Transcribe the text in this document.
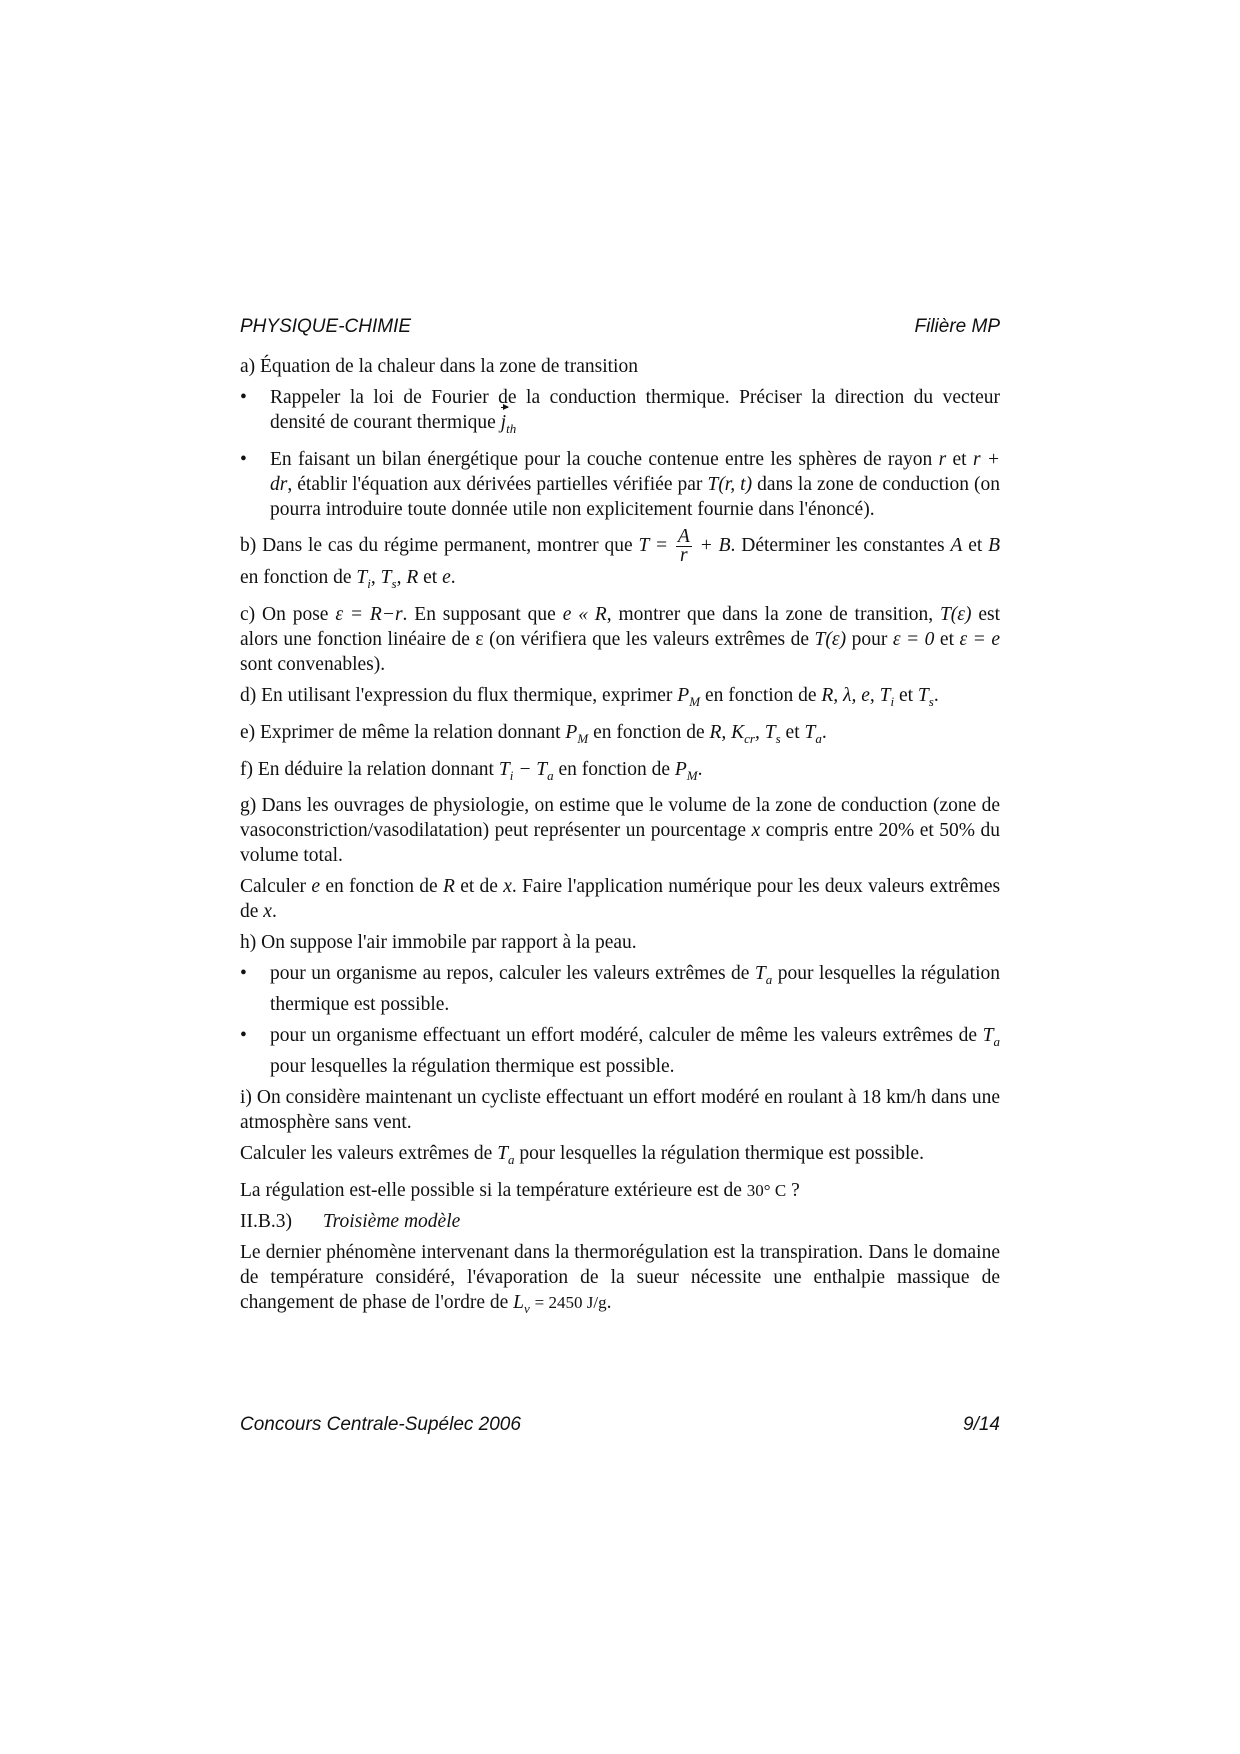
PHYSIQUE-CHIMIE	Filière MP

a) Équation de la chaleur dans la zone de transition

• Rappeler la loi de Fourier de la conduction thermique. Préciser la direction du vecteur densité de courant thermique $j_{th}$
• En faisant un bilan énergétique pour la couche contenue entre les sphères de rayon r et r + dr, établir l'équation aux dérivées partielles vérifiée par T(r, t) dans la zone de conduction (on pourra introduire toute donnée utile non explicitement fournie dans l'énoncé).

b) Dans le cas du régime permanent, montrer que $T = \frac{A}{r} + B$. Déterminer les constantes A et B en fonction de $T_i$, $T_s$, R et e.

c) On pose ε = R−r. En supposant que e « R, montrer que dans la zone de transition, T(ε) est alors une fonction linéaire de ε (on vérifiera que les valeurs extrêmes de T(ε) pour ε = 0 et ε = e sont convenables).

d) En utilisant l'expression du flux thermique, exprimer $P_M$ en fonction de R, λ, e, $T_i$ et $T_s$.

e) Exprimer de même la relation donnant $P_M$ en fonction de R, $K_{cr}$, $T_s$ et $T_a$.

f) En déduire la relation donnant $T_i - T_a$ en fonction de $P_M$.

g) Dans les ouvrages de physiologie, on estime que le volume de la zone de conduction (zone de vasoconstriction/vasodilatation) peut représenter un pourcentage x compris entre 20% et 50% du volume total.

Calculer e en fonction de R et de x. Faire l'application numérique pour les deux valeurs extrêmes de x.

h) On suppose l'air immobile par rapport à la peau.

• pour un organisme au repos, calculer les valeurs extrêmes de $T_a$ pour lesquelles la régulation thermique est possible.
• pour un organisme effectuant un effort modéré, calculer de même les valeurs extrêmes de $T_a$ pour lesquelles la régulation thermique est possible.

i) On considère maintenant un cycliste effectuant un effort modéré en roulant à 18 km/h dans une atmosphère sans vent.

Calculer les valeurs extrêmes de $T_a$ pour lesquelles la régulation thermique est possible.

La régulation est-elle possible si la température extérieure est de 30° C ?

II.B.3) Troisième modèle

Le dernier phénomène intervenant dans la thermorégulation est la transpiration. Dans le domaine de température considéré, l'évaporation de la sueur nécessite une enthalpie massique de changement de phase de l'ordre de $L_v = 2450$ J/g.

Concours Centrale-Supélec 2006	9/14
